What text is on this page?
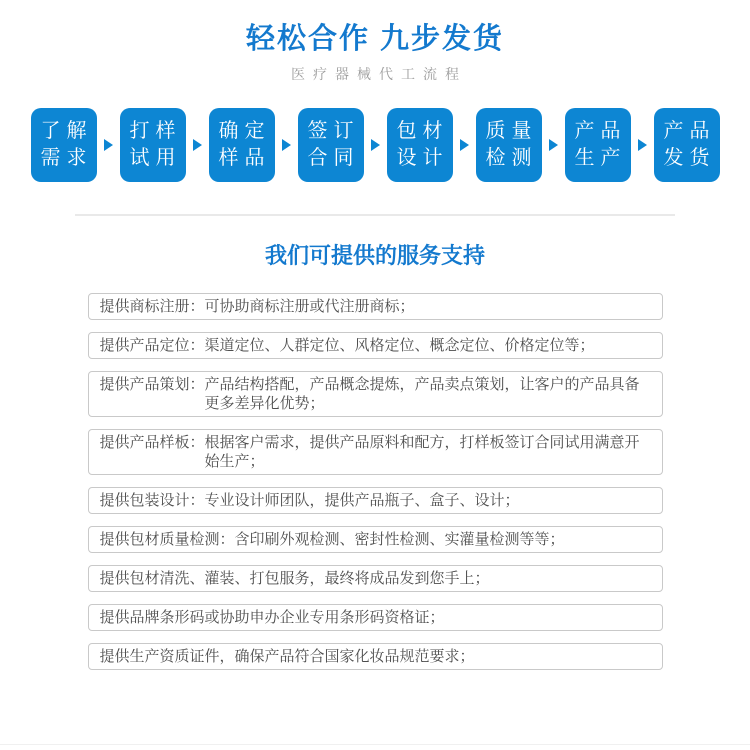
轻松合作 九步发货
医疗器械代工流程
了解
需求
打样
试用
确定
样品
签订
合同
包材
设计
质量
检测
产品
生产
产品
发货
我们可提供的服务支持
提供商标注册： 可协助商标注册或代注册商标；
提供产品定位： 渠道定位、人群定位、风格定位、概念定位、价格定位等；
提供产品策划： 产品结构搭配，产品概念提炼，产品卖点策划，让客户的产品具备更多差异化优势；
提供产品样板： 根据客户需求，提供产品原料和配方，打样板签订合同试用满意开始生产；
提供包装设计： 专业设计师团队，提供产品瓶子、盒子、设计；
提供包材质量检测： 含印刷外观检测、密封性检测、实灌量检测等等；
提供包材清洗、灌装、打包服务，最终将成品发到您手上；
提供品牌条形码或协助申办企业专用条形码资格证；
提供生产资质证件，确保产品符合国家化妆品规范要求；
